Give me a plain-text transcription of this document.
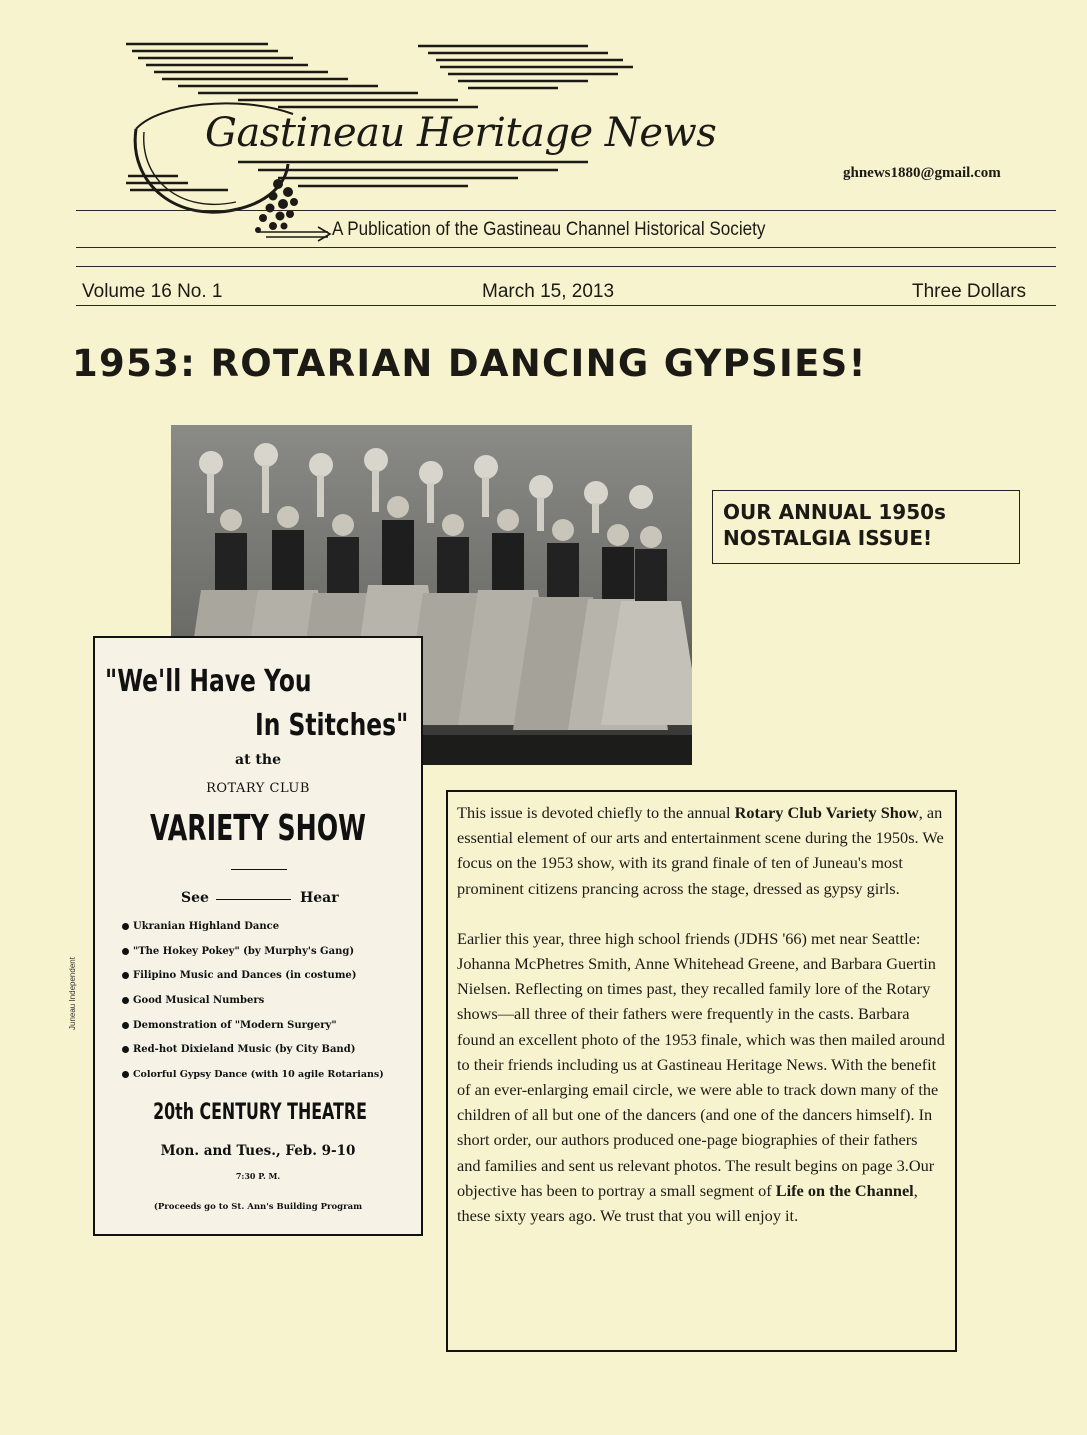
Gastineau Heritage News
ghnews1880@gmail.com
A Publication of the Gastineau Channel Historical Society
Volume 16 No. 1	March 15, 2013	Three Dollars
1953: ROTARIAN DANCING GYPSIES!
OUR ANNUAL 1950s
NOSTALGIA ISSUE!
"We'll Have You
In Stitches"
at the
ROTARY CLUB
VARIETY SHOW
See	Hear
Ukranian Highland Dance
"The Hokey Pokey" (by Murphy's Gang)
Filipino Music and Dances (in costume)
Good Musical Numbers
Demonstration of "Modern Surgery"
Red-hot Dixieland Music (by City Band)
Colorful Gypsy Dance (with 10 agile Rotarians)
20th CENTURY THEATRE
Mon. and Tues., Feb. 9-10
7:30 P. M.
(Proceeds go to St. Ann's Building Program
Juneau Independent

This issue is devoted chiefly to the annual Rotary Club Variety Show, an essential element of our arts and entertainment scene during the 1950s. We focus on the 1953 show, with its grand finale of ten of Juneau's most prominent citizens prancing across the stage, dressed as gypsy girls.

Earlier this year, three high school friends (JDHS '66) met near Seattle: Johanna McPhetres Smith, Anne Whitehead Greene, and Barbara Guertin Nielsen. Reflecting on times past, they recalled family lore of the Rotary shows—all three of their fathers were frequently in the casts. Barbara found an excellent photo of the 1953 finale, which was then mailed around to their friends including us at Gastineau Heritage News. With the benefit of an ever-enlarging email circle, we were able to track down many of the children of all but one of the dancers (and one of the dancers himself). In short order, our authors produced one-page biographies of their fathers and families and sent us relevant photos. The result begins on page 3.Our objective has been to portray a small segment of Life on the Channel, these sixty years ago. We trust that you will enjoy it.
